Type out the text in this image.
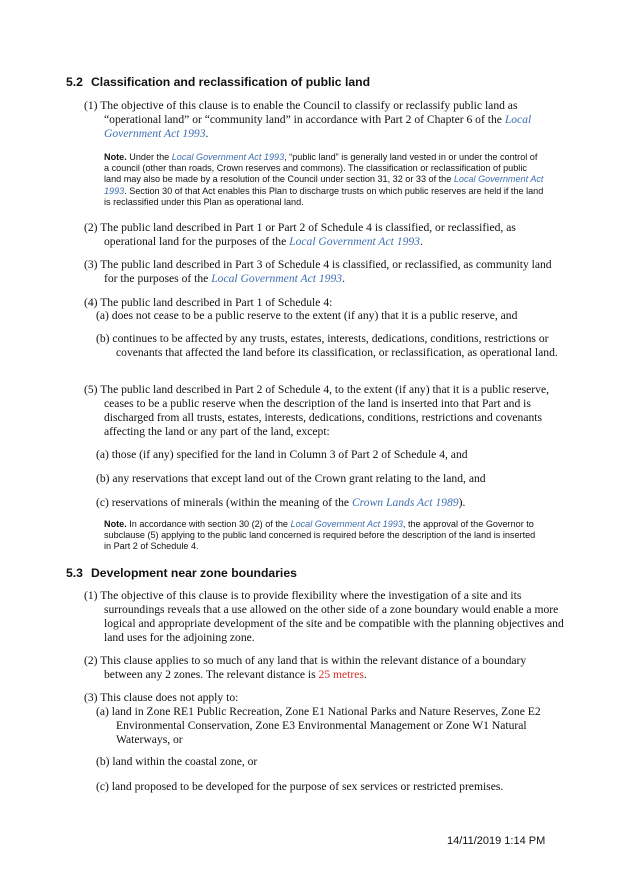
5.2 Classification and reclassification of public land
(1) The objective of this clause is to enable the Council to classify or reclassify public land as “operational land” or “community land” in accordance with Part 2 of Chapter 6 of the Local Government Act 1993.
Note. Under the Local Government Act 1993, “public land” is generally land vested in or under the control of a council (other than roads, Crown reserves and commons). The classification or reclassification of public land may also be made by a resolution of the Council under section 31, 32 or 33 of the Local Government Act 1993. Section 30 of that Act enables this Plan to discharge trusts on which public reserves are held if the land is reclassified under this Plan as operational land.
(2) The public land described in Part 1 or Part 2 of Schedule 4 is classified, or reclassified, as operational land for the purposes of the Local Government Act 1993.
(3) The public land described in Part 3 of Schedule 4 is classified, or reclassified, as community land for the purposes of the Local Government Act 1993.
(4) The public land described in Part 1 of Schedule 4:
(a) does not cease to be a public reserve to the extent (if any) that it is a public reserve, and
(b) continues to be affected by any trusts, estates, interests, dedications, conditions, restrictions or covenants that affected the land before its classification, or reclassification, as operational land.
(5) The public land described in Part 2 of Schedule 4, to the extent (if any) that it is a public reserve, ceases to be a public reserve when the description of the land is inserted into that Part and is discharged from all trusts, estates, interests, dedications, conditions, restrictions and covenants affecting the land or any part of the land, except:
(a) those (if any) specified for the land in Column 3 of Part 2 of Schedule 4, and
(b) any reservations that except land out of the Crown grant relating to the land, and
(c) reservations of minerals (within the meaning of the Crown Lands Act 1989).
Note. In accordance with section 30 (2) of the Local Government Act 1993, the approval of the Governor to subclause (5) applying to the public land concerned is required before the description of the land is inserted in Part 2 of Schedule 4.
5.3 Development near zone boundaries
(1) The objective of this clause is to provide flexibility where the investigation of a site and its surroundings reveals that a use allowed on the other side of a zone boundary would enable a more logical and appropriate development of the site and be compatible with the planning objectives and land uses for the adjoining zone.
(2) This clause applies to so much of any land that is within the relevant distance of a boundary between any 2 zones. The relevant distance is 25 metres.
(3) This clause does not apply to:
(a) land in Zone RE1 Public Recreation, Zone E1 National Parks and Nature Reserves, Zone E2 Environmental Conservation, Zone E3 Environmental Management or Zone W1 Natural Waterways, or
(b) land within the coastal zone, or
(c) land proposed to be developed for the purpose of sex services or restricted premises.
14/11/2019 1:14 PM
